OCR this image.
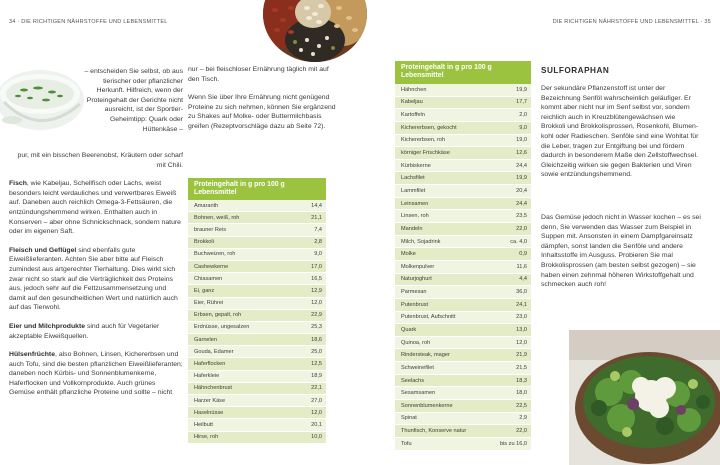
34 · DIE RICHTIGEN NÄHRSTOFFE UND LEBENSMITTEL	DIE RICHTIGEN NÄHRSTOFFE UND LEBENSMITTEL · 35
– entscheiden Sie selbst, ob aus tierischer oder pflanzlicher Herkunft. Hilfreich, wenn der Proteingehalt der Gerichte nicht ausreicht, ist der Sportler-Geheimtipp: Quark oder Hüttenkäse –

pur, mit ein bisschen Beerenobst, Kräutern oder scharf mit Chili.

Fisch, wie Kabeljau, Schellfisch oder Lachs, weist besonders leicht verdauliches und verwertbares Eiweiß auf. Daneben auch reichlich Omega-3-Fettsäuren, die entzündungshemmend wirken. Enthalten auch in Konserven – aber ohne Schnickschnack, sondern nature oder im eigenen Saft.

Fleisch und Geflügel sind ebenfalls gute Eiweißlieferanten. Achten Sie aber bitte auf Fleisch zumindest aus artgerechter Tierhaltung. Dies wirkt sich zwar nicht so stark auf die Verträglichkeit des Proteins aus, jedoch sehr auf die Fettzusammensetzung und damit auf den gesundheitlichen Wert und natürlich auch auf das Tierwohl.

Eier und Milchprodukte sind auch für Vegetarier akzeptable Eiweißquellen.

Hülsenfrüchte, also Bohnen, Linsen, Kichererbsen und auch Tofu, sind die besten pflanzlichen Eiweißlieferanten; daneben noch Kürbis- und Sonnenblumenkerne, Haferflocken und Vollkornprodukte. Auch grünes Gemüse enthält pflanzliche Proteine und sollte – nicht

nur – bei fleischloser Ernährung täglich mit auf den Tisch.

Wenn Sie über Ihre Ernährung nicht genügend Proteine zu sich nehmen, können Sie ergänzend zu Shakes auf Molke- oder Buttermilchbasis greifen (Rezeptvorschläge dazu ab Seite 72).

Proteingehalt in g pro 100 g Lebensmittel
Amaranth	14,4
Bohnen, weiß, roh	21,1
brauner Reis	7,4
Brokkoli	2,8
Buchweizen, roh	9,0
Cashewkerne	17,0
Chiasamen	16,5
Ei, ganz	12,9
Eier, Rührei	12,0
Erbsen, gepalt, roh	22,9
Erdnüsse, ungesalzen	25,3
Garnelen	18,6
Gouda, Edamer	25,0
Haferflocken	12,5
Haferkleie	18,9
Hähnchenbrust	22,1
Harzer Käse	27,0
Haselnüsse	12,0
Heilbutt	20,1
Hirse, roh	10,0
Proteingehalt in g pro 100 g Lebensmittel
Hähnchen	19,9
Kabeljau	17,7
Kartoffeln	2,0
Kichererbsen, gekocht	9,0
Kichererbsen, roh	19,0
körniger Frischkäse	12,6
Kürbiskerne	24,4
Lachsfilet	19,9
Lammfilet	20,4
Leinsamen	24,4
Linsen, roh	23,5
Mandeln	22,0
Milch, Sojadrink	ca. 4,0
Molke	0,9
Molkenpulver	11,6
Naturjoghurt	4,4
Parmesan	36,0
Putenbrust	24,1
Putenbrust, Aufschnitt	23,0
Quark	13,0
Quinoa, roh	12,0
Rindersteak, mager	21,9
Schweinefilet	21,5
Seelachs	18,3
Sesamsamen	18,0
Sonnenblumenkerne	22,5
Spinat	2,9
Thunfisch, Konserve natur	22,0
Tofu	bis zu 16,0
SULFORAPHAN
Der sekundäre Pflanzenstoff ist unter der Bezeichnung Senföl wahrscheinlich geläufiger. Er kommt aber nicht nur im Senf selbst vor, sondern reichlich auch in Kreuzblütengewächsen wie Brokkoli und Brokkolisprossen, Rosenkohl, Blumenkohl oder Radieschen. Senföle sind eine Wohltat für die Leber, tragen zur Entgiftung bei und fördern dadurch in besonderem Maße den Zellstoffwechsel. Gleichzeitig wirken sie gegen Bakterien und Viren sowie entzündungshemmend.
Das Gemüse jedoch nicht in Wasser kochen – es sei denn, Sie verwenden das Wasser zum Beispiel in Suppen mit. Ansonsten in einem Dampfgareinsatz dämpfen, sonst landen die Senföle und andere Inhaltsstoffe im Ausguss. Probieren Sie mal Brokkolisprossen (am besten selbst gezogen) – sie haben einen zehnmal höheren Wirkstoffgehalt und schmecken auch roh!
